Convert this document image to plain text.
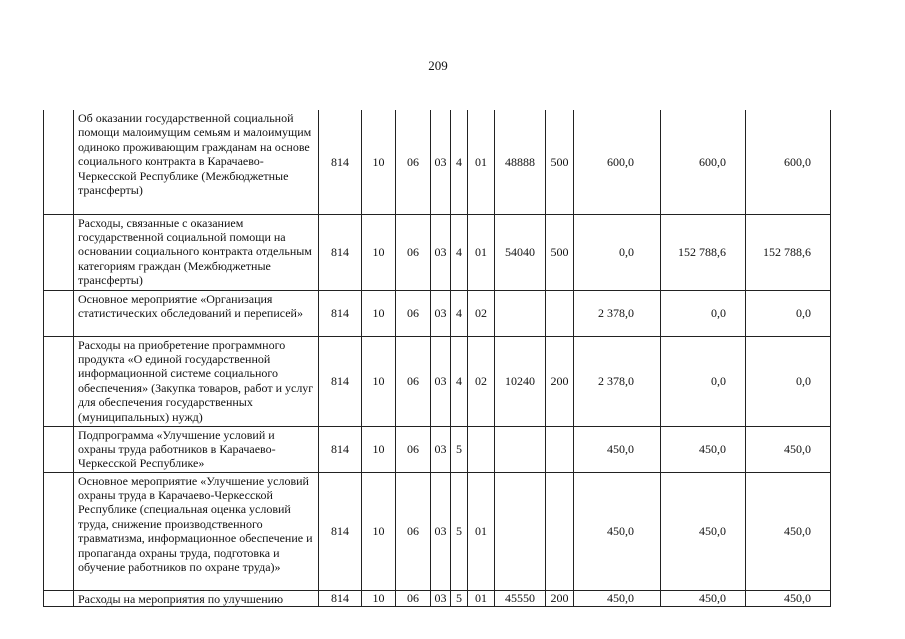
209
	Об оказании государственной социальной помощи малоимущим семьям и малоимущим одиноко проживающим гражданам на основе социального контракта в Карачаево-Черкесской Республике (Межбюджетные трансферты)	814	10	06	03	4	01	48888	500	600,0	600,0	600,0
	Расходы, связанные с оказанием государственной социальной помощи на основании социального контракта отдельным категориям граждан (Межбюджетные трансферты)	814	10	06	03	4	01	54040	500	0,0	152 788,6	152 788,6
	Основное мероприятие «Организация статистических обследований и переписей»	814	10	06	03	4	02			2 378,0	0,0	0,0
	Расходы на приобретение программного продукта «О единой государственной информационной системе социального обеспечения» (Закупка товаров, работ и услуг для обеспечения государственных (муниципальных) нужд)	814	10	06	03	4	02	10240	200	2 378,0	0,0	0,0
	Подпрограмма «Улучшение условий и охраны труда работников в Карачаево-Черкесской Республике»	814	10	06	03	5				450,0	450,0	450,0
	Основное мероприятие «Улучшение условий охраны труда в Карачаево-Черкесской Республике (специальная оценка условий труда, снижение производственного травматизма, информационное обеспечение и пропаганда охраны труда, подготовка и обучение работников по охране труда)»	814	10	06	03	5	01			450,0	450,0	450,0
	Расходы на мероприятия по улучшению	814	10	06	03	5	01	45550	200	450,0	450,0	450,0
